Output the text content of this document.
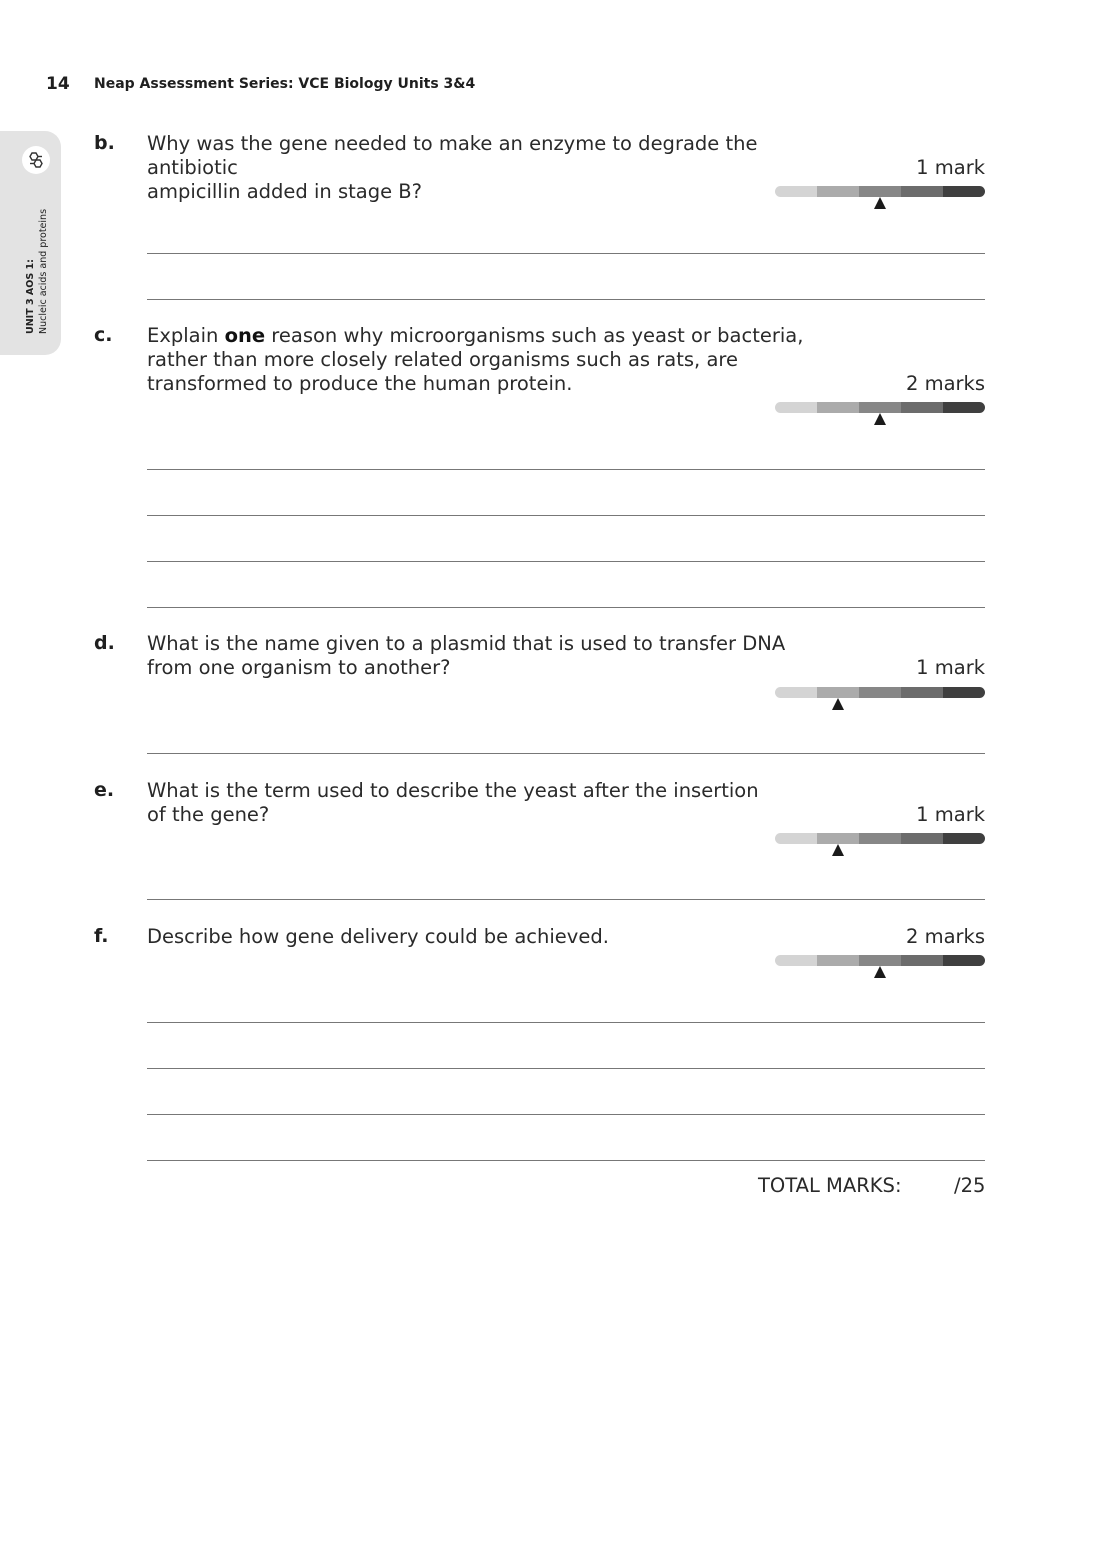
14 Neap Assessment Series: VCE Biology Units 3&4
UNIT 3 AOS 1: Nucleic acids and proteins
b. Why was the gene needed to make an enzyme to degrade the antibiotic
ampicillin added in stage B?
1 mark
c. Explain one reason why microorganisms such as yeast or bacteria,
rather than more closely related organisms such as rats, are
transformed to produce the human protein.	2 marks
d. What is the name given to a plasmid that is used to transfer DNA
from one organism to another?	1 mark
e. What is the term used to describe the yeast after the insertion
of the gene?	1 mark
f. Describe how gene delivery could be achieved.	2 marks
TOTAL MARKS:	/25
